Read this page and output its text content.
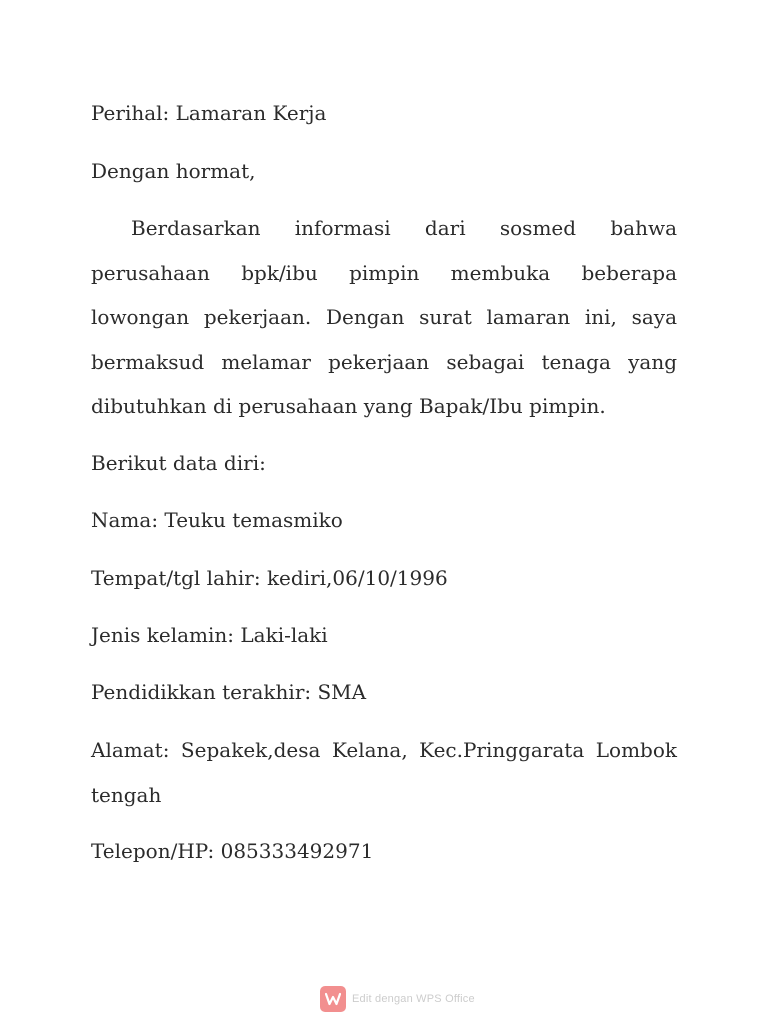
Perihal: Lamaran Kerja

Dengan hormat,

Berdasarkan informasi dari sosmed bahwa perusahaan bpk/ibu pimpin membuka beberapa lowongan pekerjaan. Dengan surat lamaran ini, saya bermaksud melamar pekerjaan sebagai tenaga yang dibutuhkan di perusahaan yang Bapak/Ibu pimpin.

Berikut data diri:

Nama: Teuku temasmiko

Tempat/tgl lahir: kediri,06/10/1996

Jenis kelamin: Laki-laki

Pendidikkan terakhir: SMA

Alamat: Sepakek,desa Kelana, Kec.Pringgarata Lombok tengah

Telepon/HP: 085333492971

Edit dengan WPS Office
